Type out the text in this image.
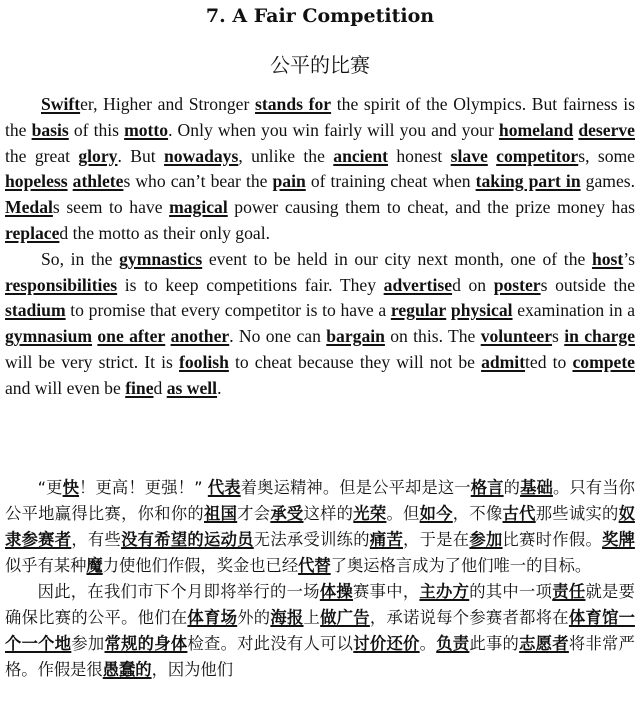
7. A Fair Competition
公平的比赛

Swifter, Higher and Stronger stands for the spirit of the Olympics. But fairness is the basis of this motto. Only when you win fairly will you and your homeland deserve the great glory. But nowadays, unlike the ancient honest slave competitors, some hopeless athletes who can’t bear the pain of training cheat when taking part in games. Medals seem to have magical power causing them to cheat, and the prize money has replaced the motto as their only goal.

So, in the gymnastics event to be held in our city next month, one of the host’s responsibilities is to keep competitions fair. They advertised on posters outside the stadium to promise that every competitor is to have a regular physical examination in a gymnasium one after another. No one can bargain on this. The volunteers in charge will be very strict. It is foolish to cheat because they will not be admitted to compete and will even be fined as well.

“更快！更高！更强！” 代表着奥运精神。但是公平却是这一格言的基础。只有当你公平地赢得比赛，你和你的祖国才会承受这样的光荣。但如今，不像古代那些诚实的奴隶参赛者，有些没有希望的运动员无法承受训练的痛苦，于是在参加比赛时作假。奖牌似乎有某种魔力使他们作假，奖金也已经代替了奥运格言成为了他们唯一的目标。

因此，在我们市下个月即将举行的一场体操赛事中，主办方的其中一项责任就是要确保比赛的公平。他们在体育场外的海报上做广告，承诺说每个参赛者都将在体育馆一个一个地参加常规的身体检查。对此没有人可以讨价还价。负责此事的志愿者将非常严格。作假是很愚蠢的，因为他们
